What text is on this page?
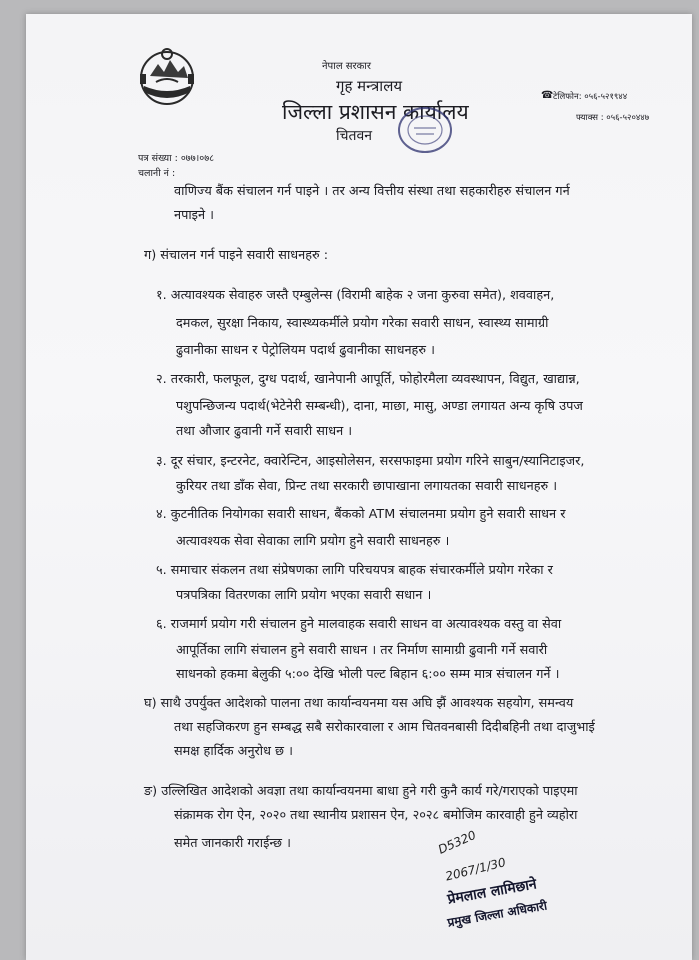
नेपाल सरकार
गृह मन्त्रालय
जिल्ला प्रशासन कार्यालय
चितवन
टेलिफोन: ०५६-५२१९४४
☎
फ्याक्स : ०५६-५२०४४७
पत्र संख्या : ०७७।०७८
चलानी नं :
वाणिज्य बैंक संचालन गर्न पाइने । तर अन्य वित्तीय संस्था तथा सहकारीहरु संचालन गर्न
नपाइने ।
ग) संचालन गर्न पाइने सवारी साधनहरु :
१. अत्यावश्यक सेवाहरु जस्तै एम्बुलेन्स (विरामी बाहेक २ जना कुरुवा समेत), शववाहन,
दमकल, सुरक्षा निकाय, स्वास्थ्यकर्मीले प्रयोग गरेका सवारी साधन, स्वास्थ्य सामाग्री
ढुवानीका साधन र पेट्रोलियम पदार्थ ढुवानीका साधनहरु ।
२. तरकारी, फलफूल, दुग्ध पदार्थ, खानेपानी आपूर्ति, फोहोरमैला व्यवस्थापन, विद्युत, खाद्यान्न,
पशुपन्छिजन्य पदार्थ(भेटेनेरी सम्बन्धी), दाना, माछा, मासु, अण्डा लगायत अन्य कृषि उपज
तथा औजार ढुवानी गर्ने सवारी साधन ।
३. दूर संचार, इन्टरनेट, क्वारेन्टिन, आइसोलेसन, सरसफाइमा प्रयोग गरिने साबुन/स्यानिटाइजर,
कुरियर तथा डाँक सेवा, प्रिन्ट तथा सरकारी छापाखाना लगायतका सवारी साधनहरु ।
४. कुटनीतिक नियोगका सवारी साधन, बैंकको ATM संचालनमा प्रयोग हुने सवारी साधन र
अत्यावश्यक सेवा सेवाका लागि प्रयोग हुने सवारी साधनहरु ।
५. समाचार संकलन तथा संप्रेषणका लागि परिचयपत्र बाहक संचारकर्मीले प्रयोग गरेका र
पत्रपत्रिका वितरणका लागि प्रयोग भएका सवारी सधान ।
६. राजमार्ग प्रयोग गरी संचालन हुने मालवाहक सवारी साधन वा अत्यावश्यक वस्तु वा सेवा
आपूर्तिका लागि संचालन हुने सवारी साधन । तर निर्माण सामाग्री ढुवानी गर्ने सवारी
साधनको हकमा बेलुकी ५:०० देखि भोली पल्ट बिहान ६:०० सम्म मात्र संचालन गर्ने ।
घ) साथै उपर्युक्त आदेशको पालना तथा कार्यान्वयनमा यस अघि झैं आवश्यक सहयोग, समन्वय
तथा सहजिकरण हुन सम्बद्ध सबै सरोकारवाला र आम चितवनबासी दिदीबहिनी तथा दाजुभाई
समक्ष हार्दिक अनुरोध छ ।
ङ) उल्लिखित आदेशको अवज्ञा तथा कार्यान्वयनमा बाधा हुने गरी कुनै कार्य गरे/गराएको पाइएमा
संक्रामक रोग ऐन, २०२० तथा स्थानीय प्रशासन ऐन, २०२८ बमोजिम कारवाही हुने व्यहोरा
समेत जानकारी गराईन्छ ।	D5320
2067/1/30
प्रेमलाल लामिछाने
प्रमुख जिल्ला अधिकारी
